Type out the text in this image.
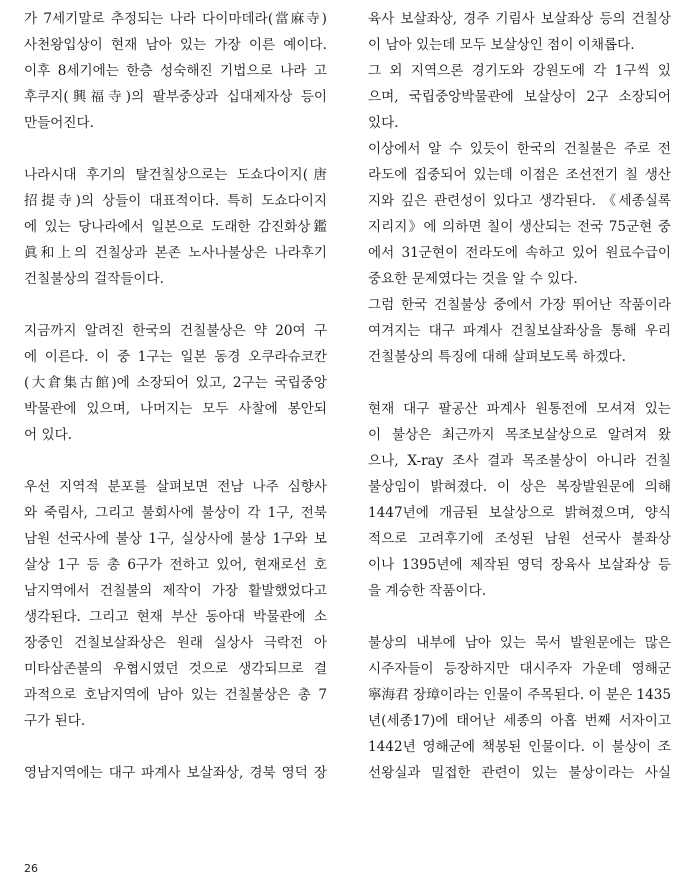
가 7세기말로 추정되는 나라 다이마데라(當麻寺)
사천왕입상이 현재 남아 있는 가장 이른 예이다.
이후 8세기에는 한층 성숙해진 기법으로 나라 고
후쿠지(興福寺)의 팔부중상과 십대제자상 등이
만들어진다.
나라시대 후기의 탈건칠상으로는 도쇼다이지(唐
招提寺)의 상들이 대표적이다. 특히 도쇼다이지
에 있는 당나라에서 일본으로 도래한 감진화상鑑
眞和上의 건칠상과 본존 노사나불상은 나라후기
건칠불상의 걸작들이다.
지금까지 알려진 한국의 건칠불상은 약 20여 구
에 이른다. 이 중 1구는 일본 동경 오쿠라슈코칸
(大倉集古館)에 소장되어 있고, 2구는 국립중앙
박물관에 있으며, 나머지는 모두 사찰에 봉안되
어 있다.
우선 지역적 분포를 살펴보면 전남 나주 심향사
와 죽림사, 그리고 불회사에 불상이 각 1구, 전북
남원 선국사에 불상 1구, 실상사에 불상 1구와 보
살상 1구 등 총 6구가 전하고 있어, 현재로선 호
남지역에서 건칠불의 제작이 가장 활발했었다고
생각된다. 그리고 현재 부산 동아대 박물관에 소
장중인 건칠보살좌상은 원래 실상사 극락전 아
미타삼존불의 우협시였던 것으로 생각되므로 결
과적으로 호남지역에 남아 있는 건칠불상은 총 7
구가 된다.
영남지역에는 대구 파계사 보살좌상, 경북 영덕 장
육사 보살좌상, 경주 기림사 보살좌상 등의 건칠상
이 남아 있는데 모두 보살상인 점이 이채롭다.
그 외 지역으론 경기도와 강원도에 각 1구씩 있
으며, 국립중앙박물관에 보살상이 2구 소장되어
있다.
이상에서 알 수 있듯이 한국의 건칠불은 주로 전
라도에 집중되어 있는데 이점은 조선전기 칠 생산
지와 깊은 관련성이 있다고 생각된다. 《세종실록
지리지》에 의하면 칠이 생산되는 전국 75군현 중
에서 31군현이 전라도에 속하고 있어 원료수급이
중요한 문제였다는 것을 알 수 있다.
그럼 한국 건칠불상 중에서 가장 뛰어난 작품이라
여겨지는 대구 파계사 건칠보살좌상을 통해 우리
건칠불상의 특징에 대해 살펴보도록 하겠다.
현재 대구 팔공산 파계사 원통전에 모셔져 있는
이 불상은 최근까지 목조보살상으로 알려져 왔
으나, X-ray 조사 결과 목조불상이 아니라 건칠
불상임이 밝혀졌다. 이 상은 복장발원문에 의해
1447년에 개금된 보살상으로 밝혀졌으며, 양식
적으로 고려후기에 조성된 남원 선국사 불좌상
이나 1395년에 제작된 영덕 장육사 보살좌상 등
을 계승한 작품이다.
불상의 내부에 남아 있는 묵서 발원문에는 많은
시주자들이 등장하지만 대시주자 가운데 영해군
寧海君 장璋이라는 인물이 주목된다. 이 분은 1435
년(세종17)에 태어난 세종의 아홉 번째 서자이고
1442년 영해군에 책봉된 인물이다. 이 불상이 조
선왕실과 밀접한 관련이 있는 불상이라는 사실
26
